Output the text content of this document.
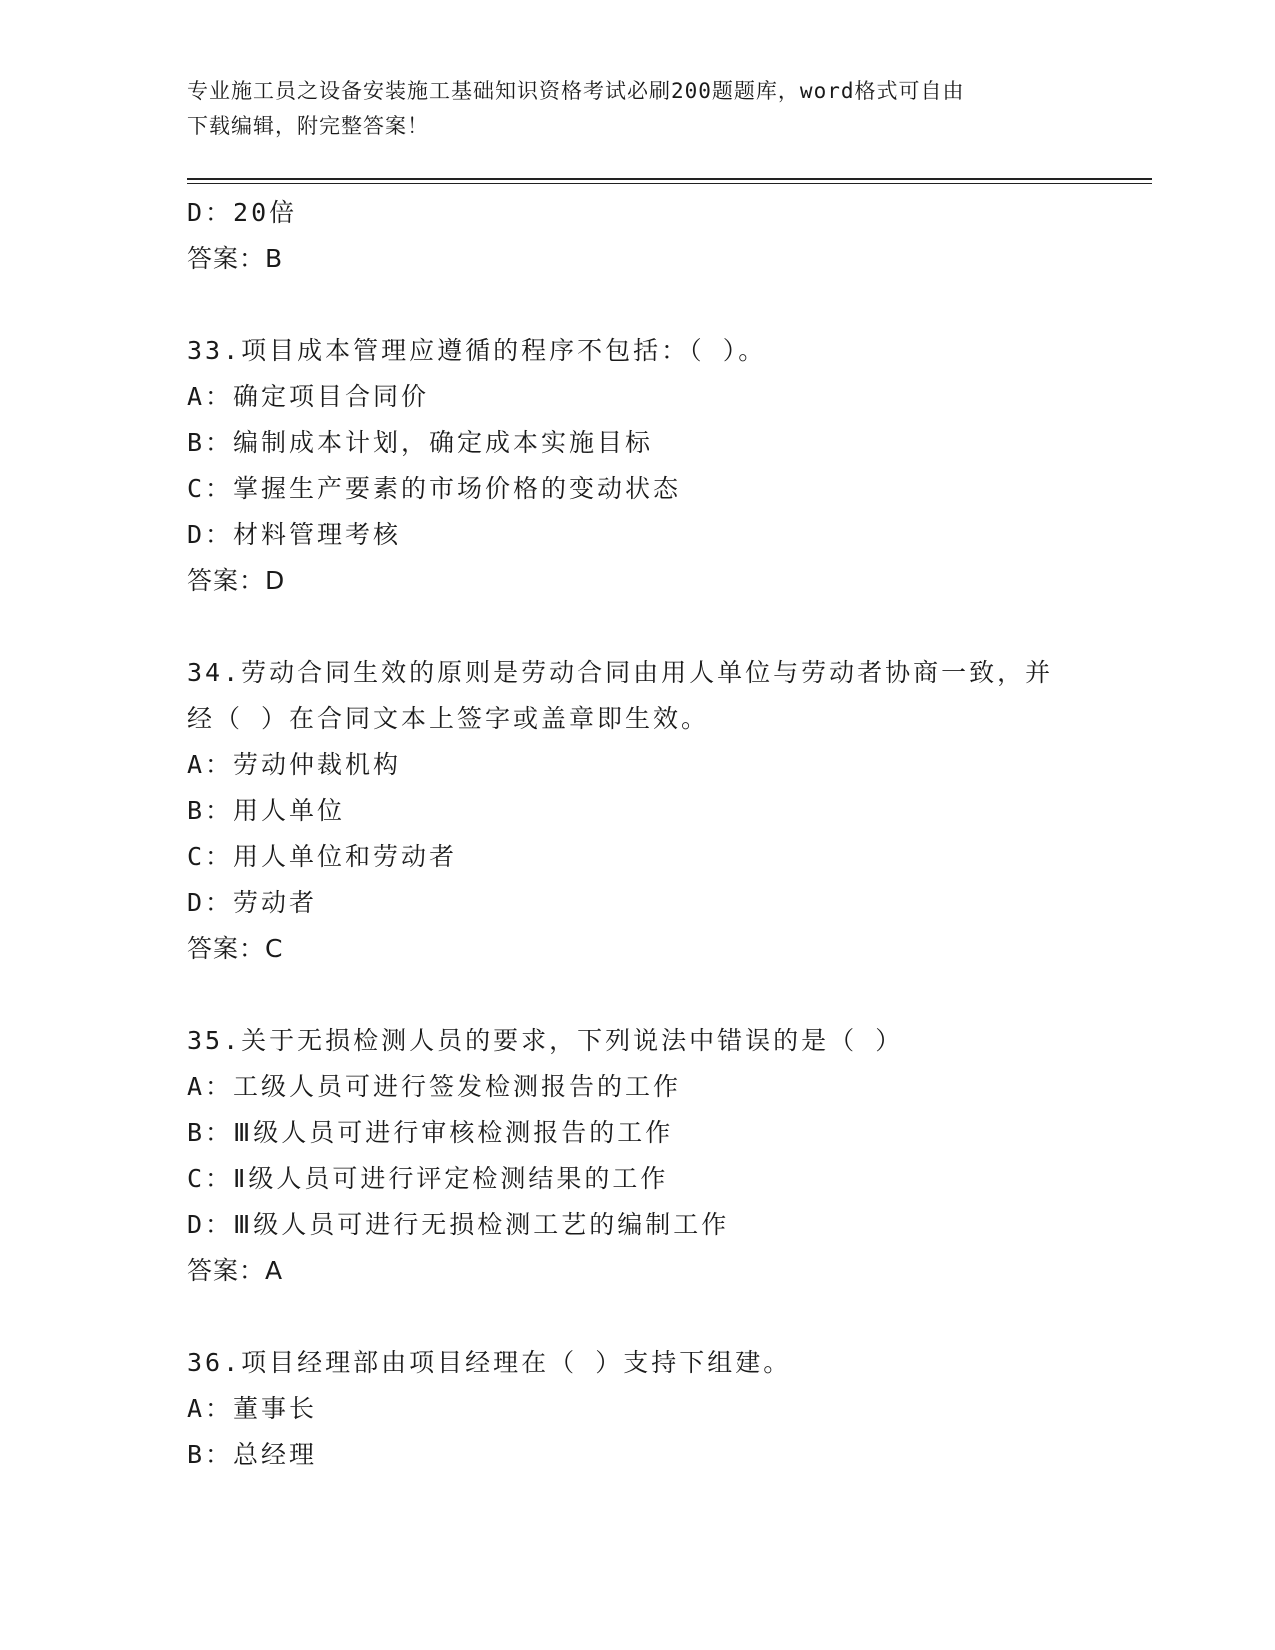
专业施工员之设备安装施工基础知识资格考试必刷200题题库，word格式可自由
下载编辑，附完整答案！
D：20倍
答案：B
33.项目成本管理应遵循的程序不包括：（ ）。
A：确定项目合同价
B：编制成本计划，确定成本实施目标
C：掌握生产要素的市场价格的变动状态
D：材料管理考核
答案：D
34.劳动合同生效的原则是劳动合同由用人单位与劳动者协商一致，并
经（ ）在合同文本上签字或盖章即生效。
A：劳动仲裁机构
B：用人单位
C：用人单位和劳动者
D：劳动者
答案：C
35.关于无损检测人员的要求，下列说法中错误的是（ ）
A：工级人员可进行签发检测报告的工作
B：Ⅲ级人员可进行审核检测报告的工作
C：Ⅱ级人员可进行评定检测结果的工作
D：Ⅲ级人员可进行无损检测工艺的编制工作
答案：A
36.项目经理部由项目经理在（ ）支持下组建。
A：董事长
B：总经理
